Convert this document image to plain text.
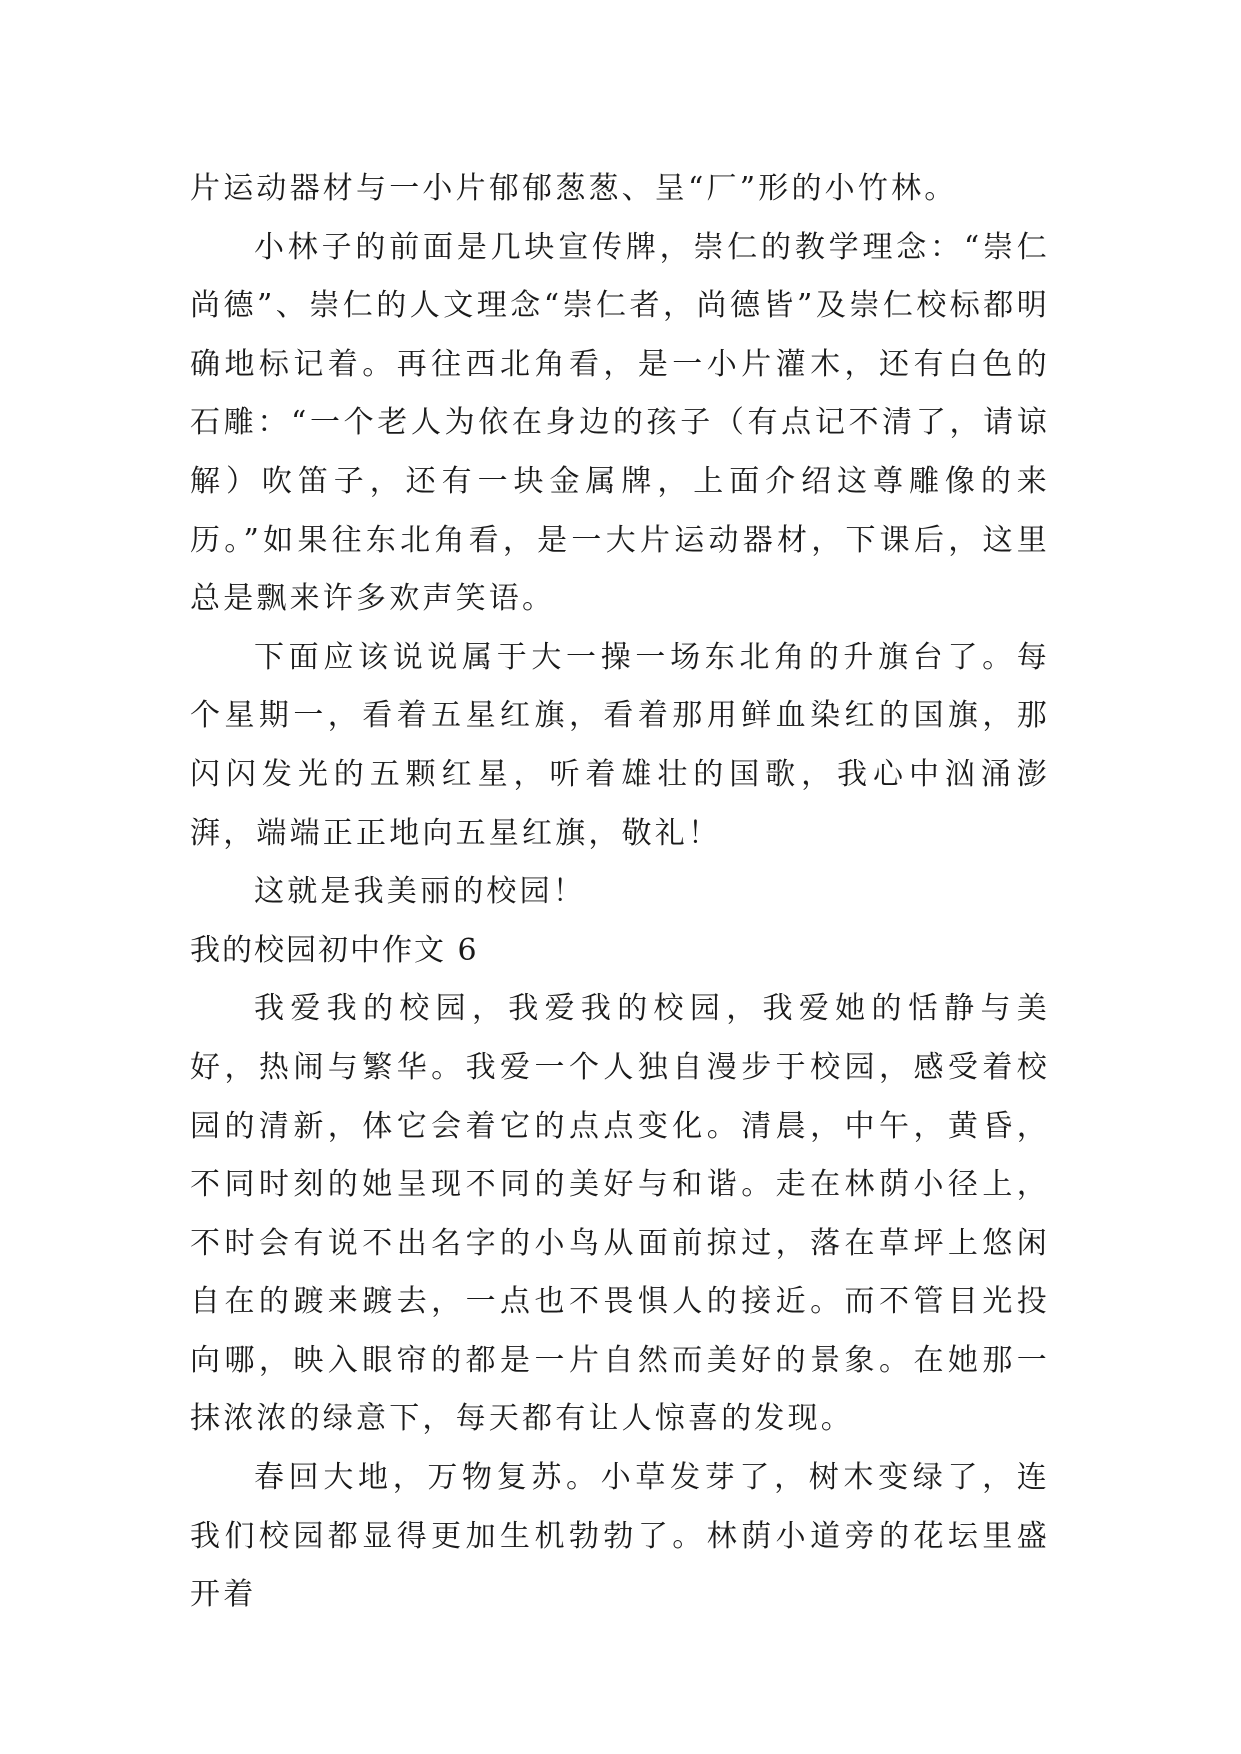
片运动器材与一小片郁郁葱葱、呈“厂”形的小竹林。

小林子的前面是几块宣传牌，崇仁的教学理念：“崇仁尚德”、崇仁的人文理念“崇仁者，尚德皆”及崇仁校标都明确地标记着。再往西北角看，是一小片灌木，还有白色的石雕：“一个老人为依在身边的孩子（有点记不清了，请谅解）吹笛子，还有一块金属牌，上面介绍这尊雕像的来历。”如果往东北角看，是一大片运动器材，下课后，这里总是飘来许多欢声笑语。

下面应该说说属于大一操一场东北角的升旗台了。每个星期一，看着五星红旗，看着那用鲜血染红的国旗，那闪闪发光的五颗红星，听着雄壮的国歌，我心中汹涌澎湃，端端正正地向五星红旗，敬礼！

这就是我美丽的校园！

我的校园初中作文 6

我爱我的校园，我爱我的校园，我爱她的恬静与美好，热闹与繁华。我爱一个人独自漫步于校园，感受着校园的清新，体它会着它的点点变化。清晨，中午，黄昏，不同时刻的她呈现不同的美好与和谐。走在林荫小径上，不时会有说不出名字的小鸟从面前掠过，落在草坪上悠闲自在的踱来踱去，一点也不畏惧人的接近。而不管目光投向哪，映入眼帘的都是一片自然而美好的景象。在她那一抹浓浓的绿意下，每天都有让人惊喜的发现。

春回大地，万物复苏。小草发芽了，树木变绿了，连我们校园都显得更加生机勃勃了。林荫小道旁的花坛里盛开着
